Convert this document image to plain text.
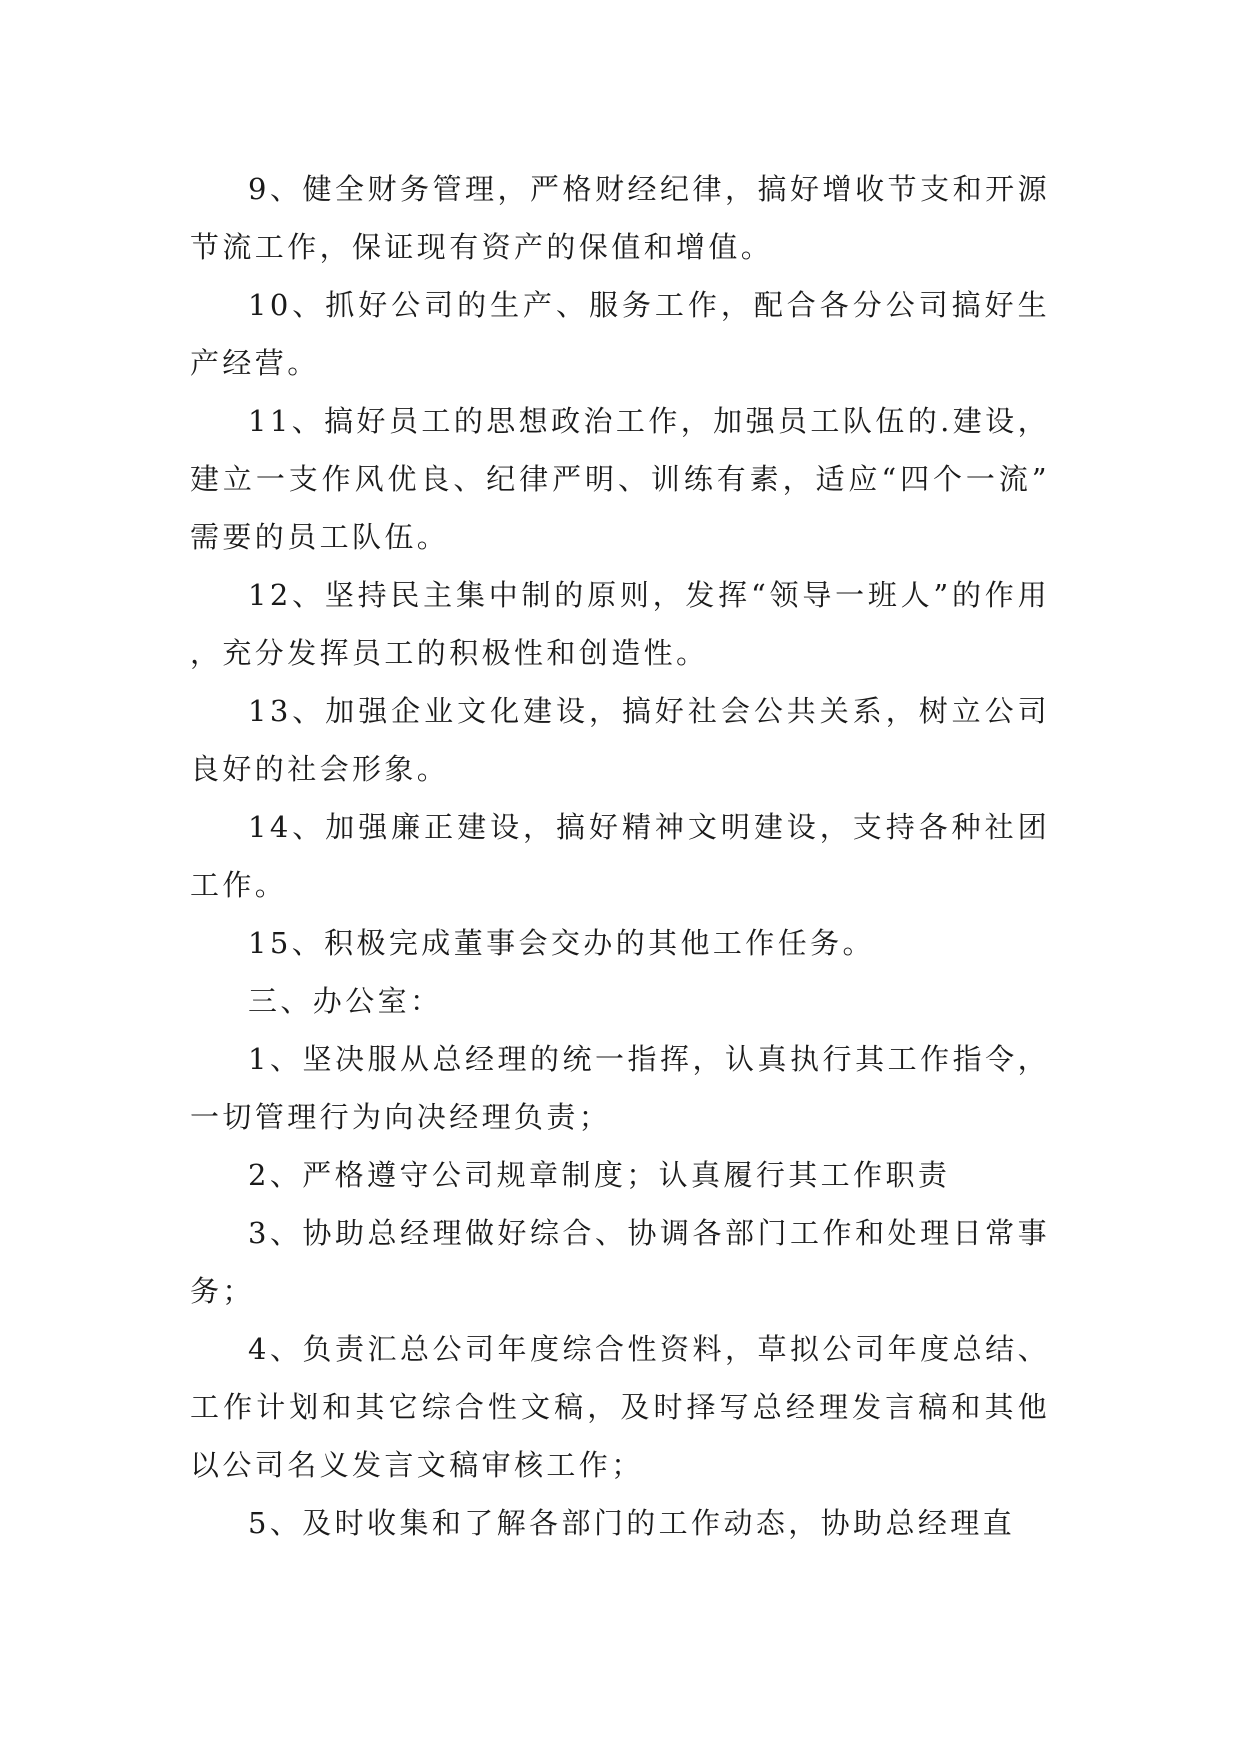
9、健全财务管理，严格财经纪律，搞好增收节支和开源节流工作，保证现有资产的保值和增值。

10、抓好公司的生产、服务工作，配合各分公司搞好生产经营。

11、搞好员工的思想政治工作，加强员工队伍的.建设，建立一支作风优良、纪律严明、训练有素，适应“四个一流”需要的员工队伍。

12、坚持民主集中制的原则，发挥“领导一班人”的作用，充分发挥员工的积极性和创造性。

13、加强企业文化建设，搞好社会公共关系，树立公司良好的社会形象。

14、加强廉正建设，搞好精神文明建设，支持各种社团工作。

15、积极完成董事会交办的其他工作任务。

三、办公室：

1、坚决服从总经理的统一指挥，认真执行其工作指令，一切管理行为向决经理负责；

2、严格遵守公司规章制度；认真履行其工作职责

3、协助总经理做好综合、协调各部门工作和处理日常事务；

4、负责汇总公司年度综合性资料，草拟公司年度总结、工作计划和其它综合性文稿，及时择写总经理发言稿和其他以公司名义发言文稿审核工作；

5、及时收集和了解各部门的工作动态，协助总经理直
